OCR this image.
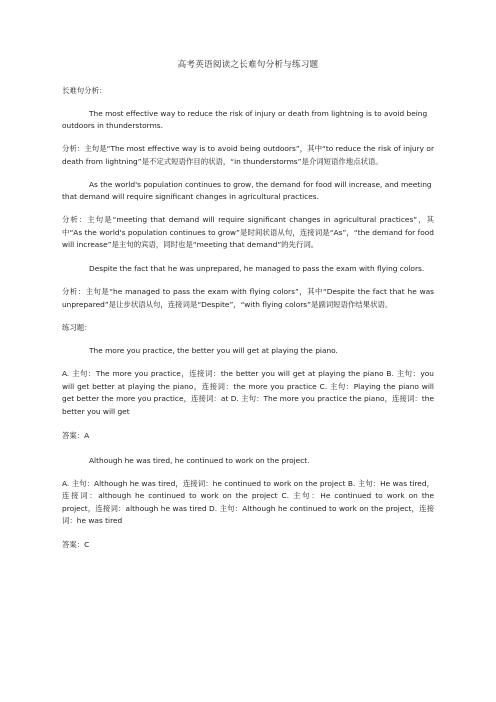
高考英语阅读之长难句分析与练习题
长难句分析：
The most effective way to reduce the risk of injury or death from lightning is to avoid being outdoors in thunderstorms.
分析：主句是“The most effective way is to avoid being outdoors”，其中“to reduce the risk of injury or death from lightning”是不定式短语作目的状语，“in thunderstorms”是介词短语作地点状语。
As the world's population continues to grow, the demand for food will increase, and meeting that demand will require significant changes in agricultural practices.
分析：主句是“meeting that demand will require significant changes in agricultural practices”，其中“As the world's population continues to grow”是时间状语从句，连接词是“As”，“the demand for food will increase”是主句的宾语，同时也是“meeting that demand”的先行词。
Despite the fact that he was unprepared, he managed to pass the exam with flying colors.
分析：主句是“he managed to pass the exam with flying colors”，其中“Despite the fact that he was unprepared”是让步状语从句，连接词是“Despite”，“with flying colors”是副词短语作结果状语。
练习题：
The more you practice, the better you will get at playing the piano.
A. 主句：The more you practice，连接词：the better you will get at playing the piano B. 主句：you will get better at playing the piano，连接词：the more you practice C. 主句：Playing the piano will get better the more you practice，连接词：at D. 主句：The more you practice the piano，连接词：the better you will get
答案：A
Although he was tired, he continued to work on the project.
A. 主句：Although he was tired，连接词：he continued to work on the project B. 主句：He was tired，连接词：although he continued to work on the project C. 主句：He continued to work on the project，连接词：although he was tired D. 主句：Although he continued to work on the project，连接词：he was tired
答案：C
